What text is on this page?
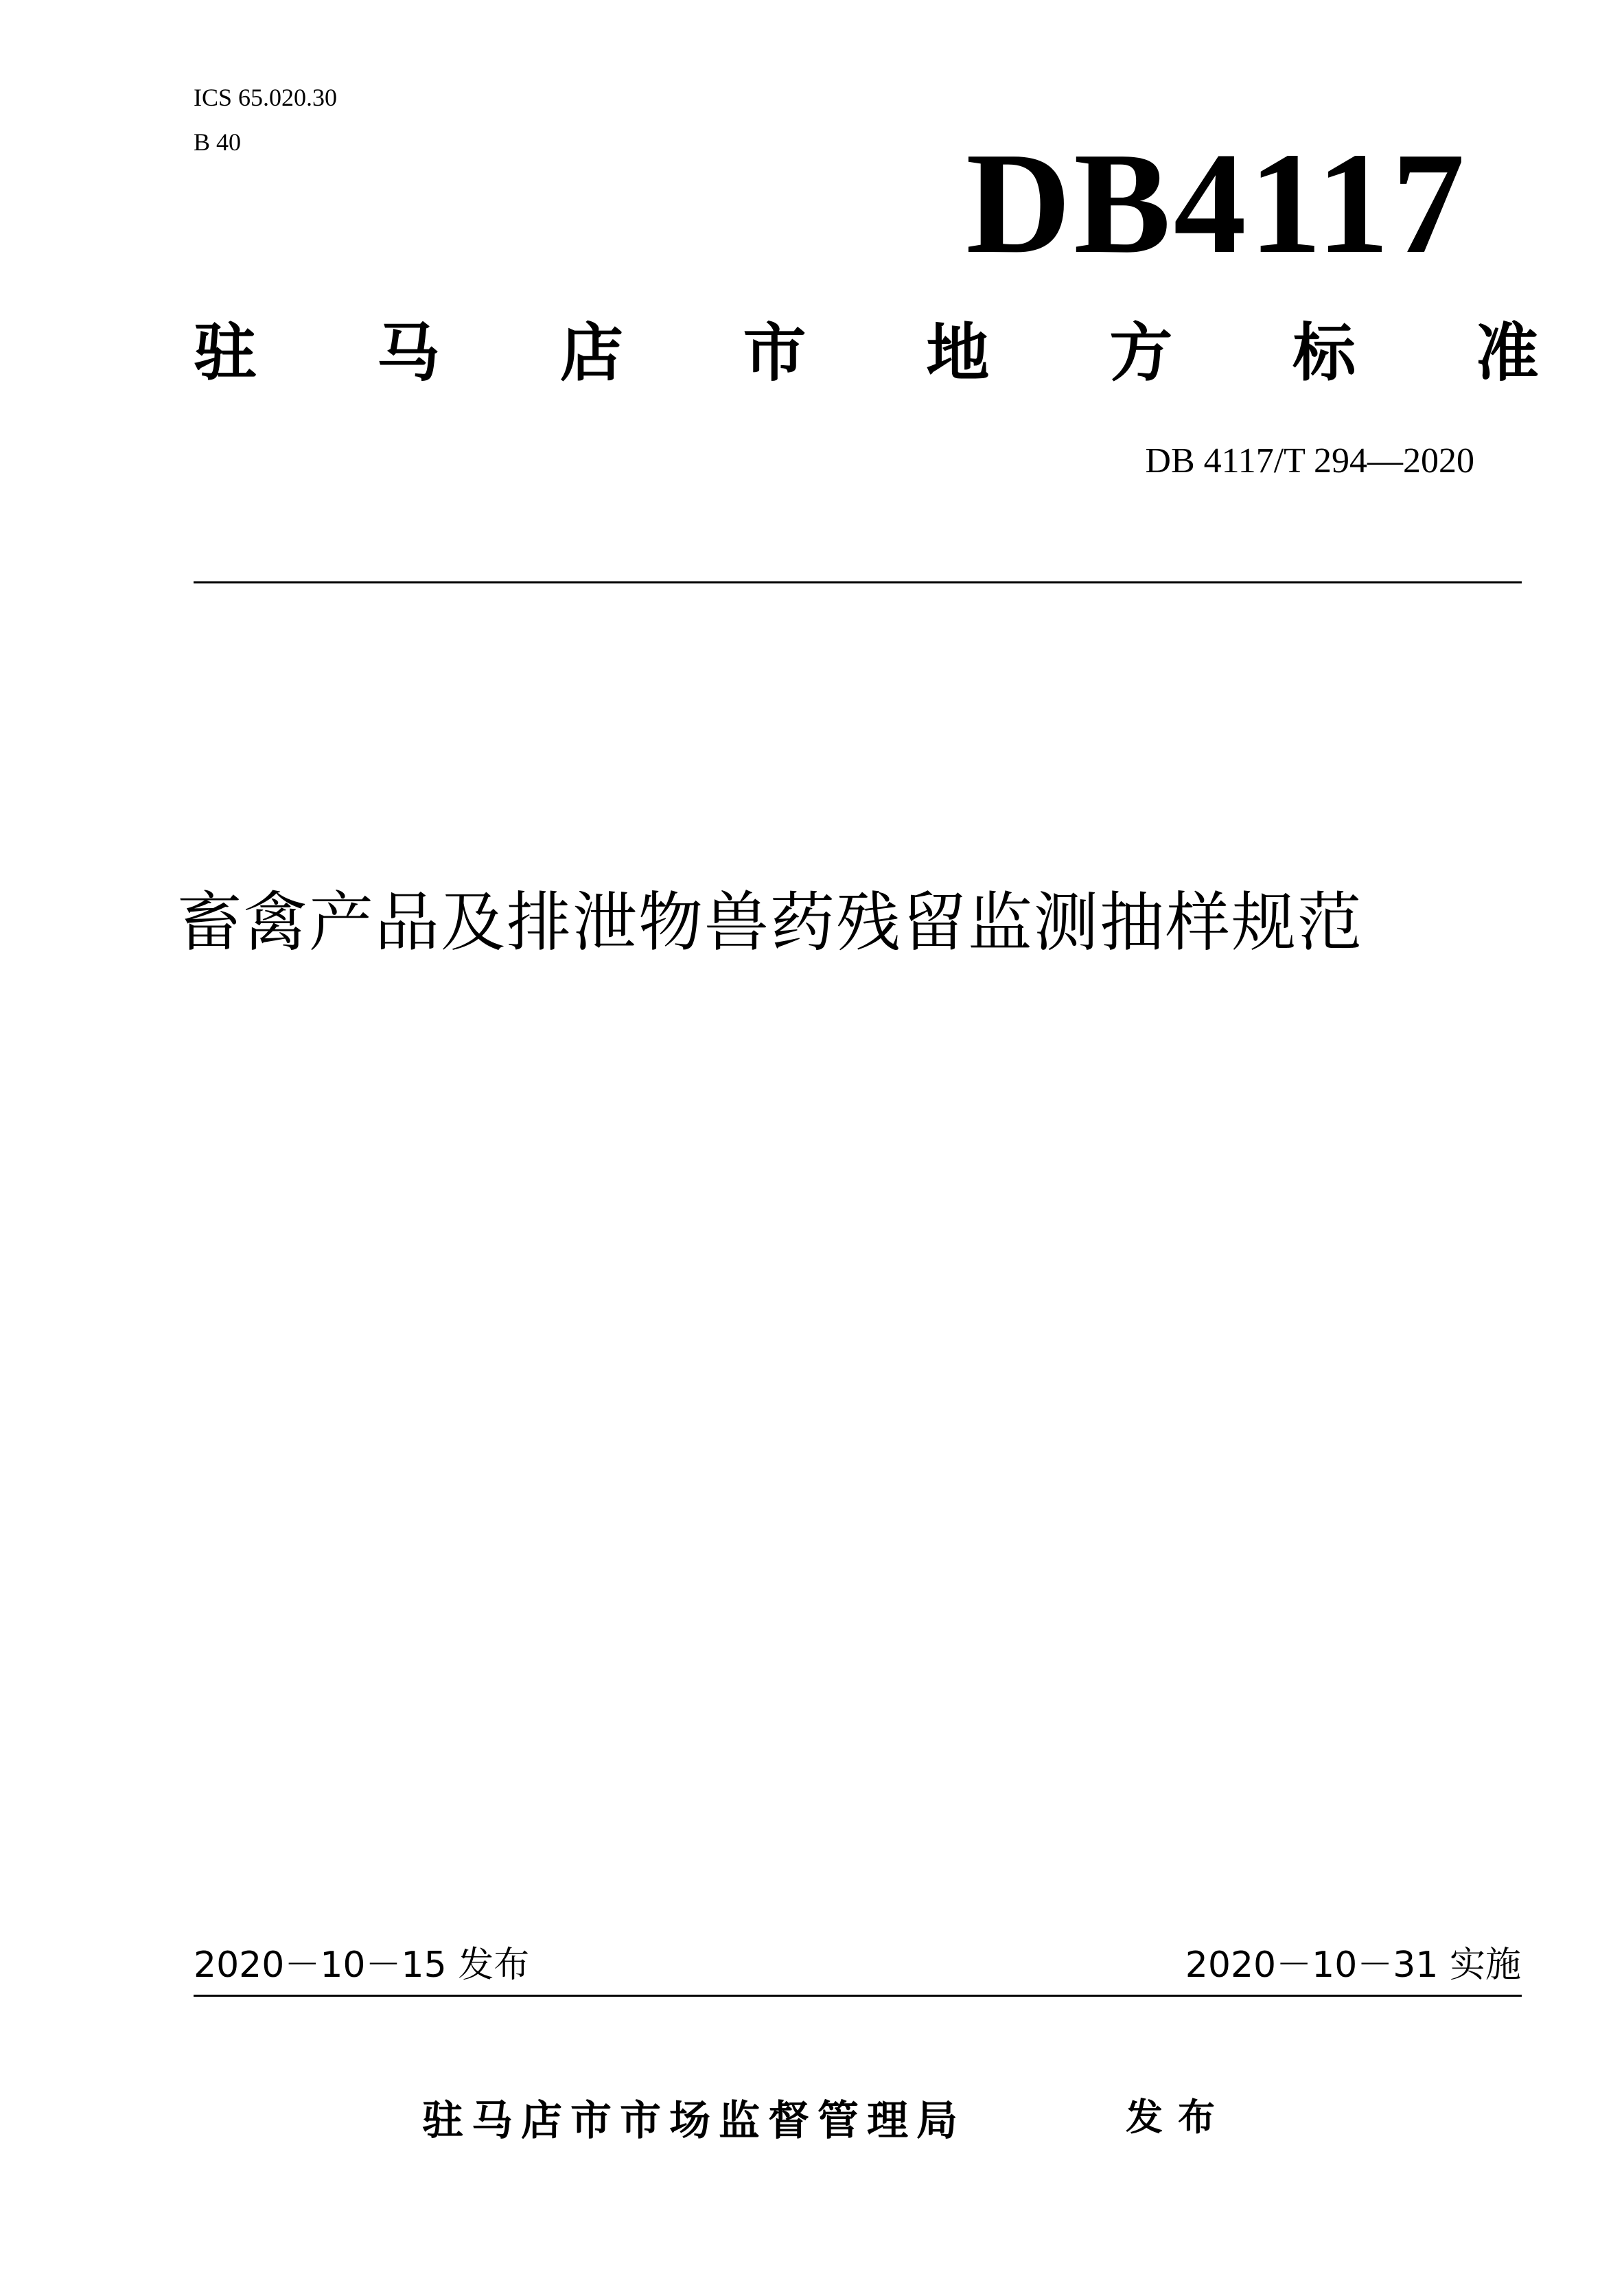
ICS 65.020.30
B 40	DB4117
驻 马 店 市 地 方 标 准
DB 4117/T 294—2020
畜禽产品及排泄物兽药残留监测抽样规范
2020－10－15 发布	2020－10－31 实施
驻马店市市场监督管理局	发布
